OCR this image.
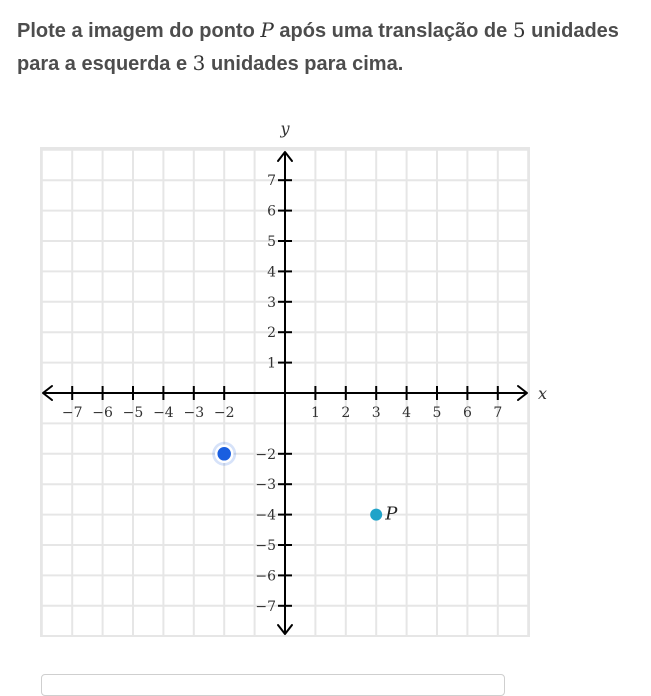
Plote a imagem do ponto P após uma translação de 5 unidades para a esquerda e 3 unidades para cima.
x
y
−7 −6 −5 −4 −3 −2	1 2 3 4 5 6 7
−7
−6
−5
−4
−3
−2
1
2
3
4
5
6
7
P
